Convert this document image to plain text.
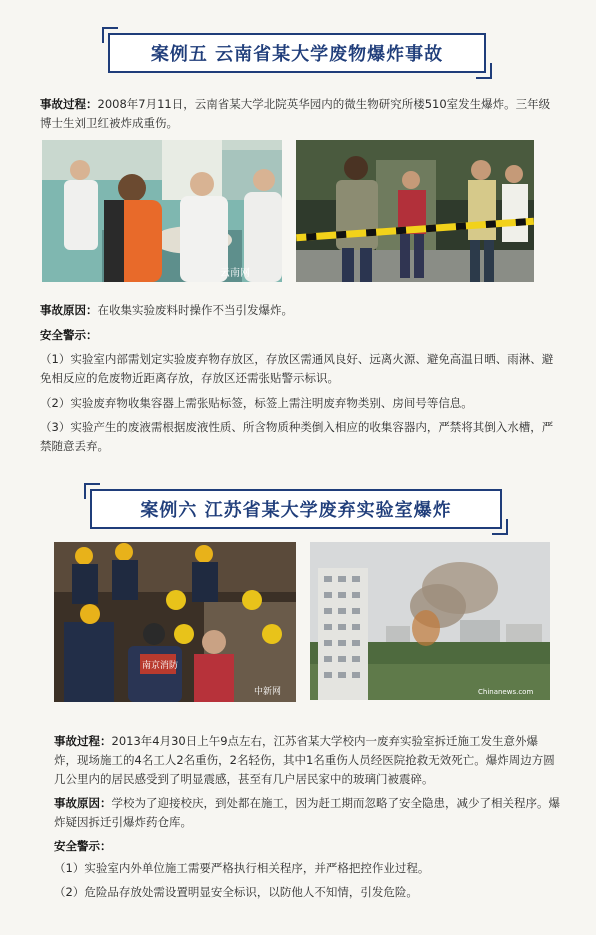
案例五 云南省某大学废物爆炸事故
事故过程：2008年7月11日，云南省某大学北院英华园内的微生物研究所楼510室发生爆炸。三年级博士生刘卫红被炸成重伤。
云南网
事故原因：在收集实验废料时操作不当引发爆炸。
安全警示：
（1）实验室内部需划定实验废弃物存放区，存放区需通风良好、远离火源、避免高温日晒、雨淋、避免相反应的危废物近距离存放，存放区还需张贴警示标识。
（2）实验废弃物收集容器上需张贴标签，标签上需注明废弃物类别、房间号等信息。
（3）实验产生的废液需根据废液性质、所含物质种类倒入相应的收集容器内，严禁将其倒入水槽，严禁随意丢弃。
案例六 江苏省某大学废弃实验室爆炸
南京消防
中新网	Chinanews.com
事故过程：2013年4月30日上午9点左右，江苏省某大学校内一废弃实验室拆迁施工发生意外爆炸，现场施工的4名工人2名重伤，2名轻伤，其中1名重伤人员经医院抢救无效死亡。爆炸周边方圆几公里内的居民感受到了明显震感，甚至有几户居民家中的玻璃门被震碎。
事故原因：学校为了迎接校庆，到处都在施工，因为赶工期而忽略了安全隐患，减少了相关程序。爆炸疑因拆迁引爆炸药仓库。
安全警示：
（1）实验室内外单位施工需要严格执行相关程序，并严格把控作业过程。
（2）危险品存放处需设置明显安全标识，以防他人不知情，引发危险。
